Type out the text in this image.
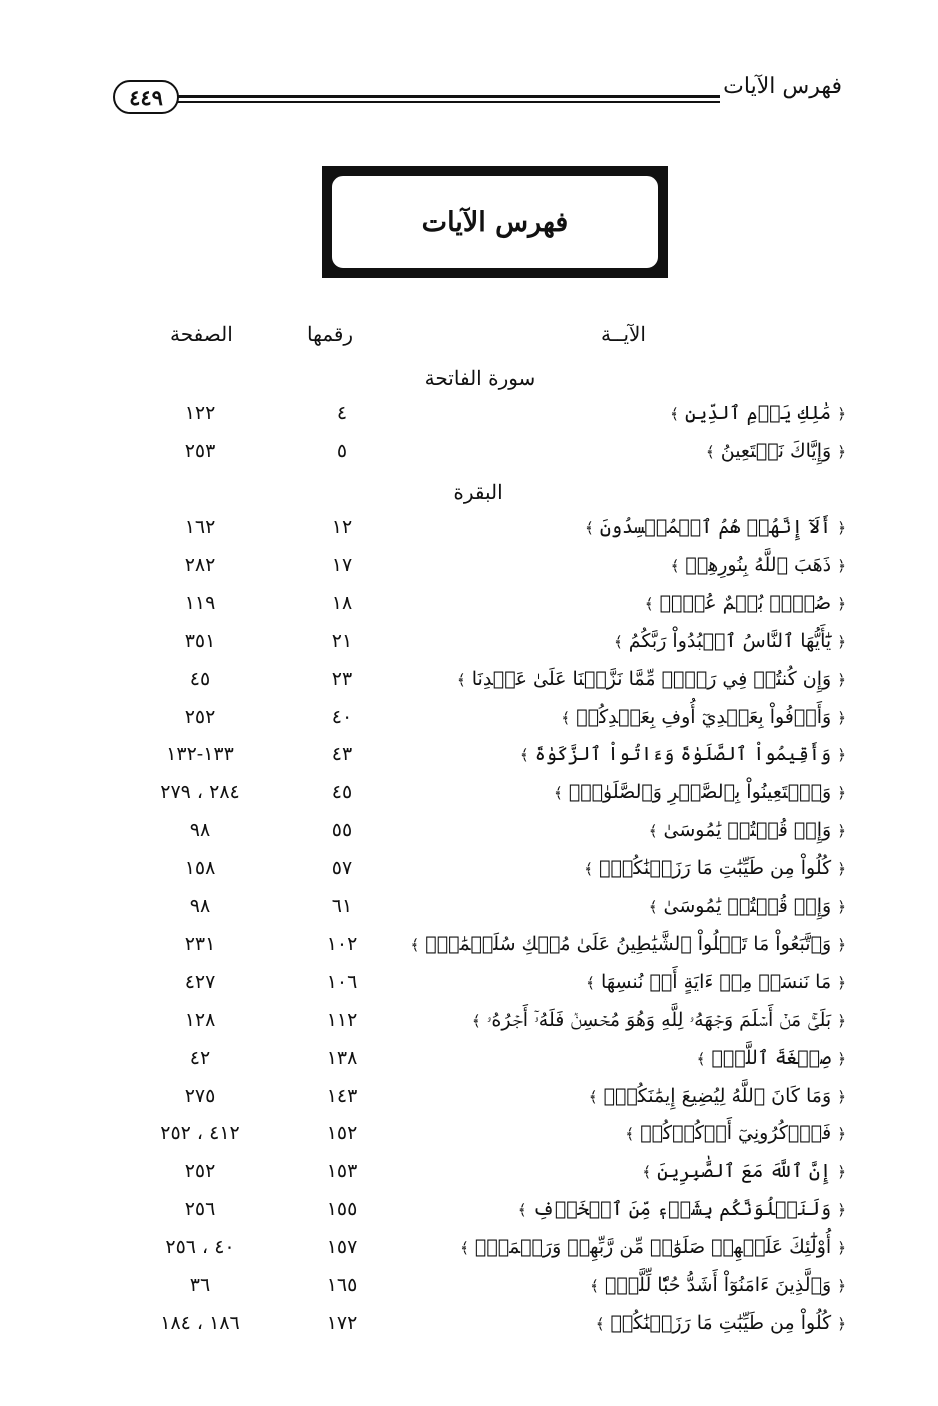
فهرس الآيات
٤٤٩
فهرس الآيات
الآيــة
رقمها
الصفحة
سورة الفاتحة
﴿ مَٰلِكِ يَوۡمِ ٱلدِّينِ ﴾
٤
١٢٢
﴿ وَإِيَّاكَ نَسۡتَعِينُ ﴾
٥
٢٥٣
البقرة
﴿ أَلَآ إِنَّهُمۡ هُمُ ٱلۡمُفۡسِدُونَ ﴾
١٢
١٦٢
﴿ ذَهَبَ ٱللَّهُ بِنُورِهِمۡ ﴾
١٧
٢٨٢
﴿ صُمُّۢ بُكۡمٌ عُمۡيٞ ﴾
١٨
١١٩
﴿ يَٰٓأَيُّهَا ٱلنَّاسُ ٱعۡبُدُواْ رَبَّكُمُ ﴾
٢١
٣٥١
﴿ وَإِن كُنتُمۡ فِي رَيۡبٖ مِّمَّا نَزَّلۡنَا عَلَىٰ عَبۡدِنَا ﴾
٢٣
٤٥
﴿ وَأَوۡفُواْ بِعَهۡدِيٓ أُوفِ بِعَهۡدِكُمۡ ﴾
٤٠
٢٥٢
﴿ وَأَقِيمُواْ ٱلصَّلَوٰةَ وَءَاتُواْ ٱلزَّكَوٰةَ ﴾
٤٣
١٣٣-١٣٢
﴿ وَٱسۡتَعِينُواْ بِٱلصَّبۡرِ وَٱلصَّلَوٰةِۚ ﴾
٤٥
٢٨٤ ، ٢٧٩
﴿ وَإِذۡ قُلۡتُمۡ يَٰمُوسَىٰ ﴾
٥٥
٩٨
﴿ كُلُواْ مِن طَيِّبَٰتِ مَا رَزَقۡنَٰكُمۡۖ ﴾
٥٧
١٥٨
﴿ وَإِذۡ قُلۡتُمۡ يَٰمُوسَىٰ ﴾
٦١
٩٨
﴿ وَٱتَّبَعُواْ مَا تَتۡلُواْ ٱلشَّيَٰطِينُ عَلَىٰ مُلۡكِ سُلَيۡمَٰنَۖ ﴾
١٠٢
٢٣١
﴿ مَا نَنسَخۡ مِنۡ ءَايَةٍ أَوۡ نُنسِهَا ﴾
١٠٦
٤٢٧
﴿ بَلَىٰۚ مَنۡ أَسۡلَمَ وَجۡهَهُۥ لِلَّهِ وَهُوَ مُحۡسِنٞ فَلَهُۥٓ أَجۡرُهُۥ ﴾
١١٢
١٢٨
﴿ صِبۡغَةَ ٱللَّهِۖ ﴾
١٣٨
٤٢
﴿ وَمَا كَانَ ٱللَّهُ لِيُضِيعَ إِيمَٰنَكُمۡۚ ﴾
١٤٣
٢٧٥
﴿ فَٱذۡكُرُونِيٓ أَذۡكُرۡكُمۡ ﴾
١٥٢
٤١٢ ، ٢٥٢
﴿ إِنَّ ٱللَّهَ مَعَ ٱلصَّٰبِرِينَ ﴾
١٥٣
٢٥٢
﴿ وَلَنَبۡلُوَنَّكُم بِشَيۡءٖ مِّنَ ٱلۡخَوۡفِ ﴾
١٥٥
٢٥٦
﴿ أُوْلَٰٓئِكَ عَلَيۡهِمۡ صَلَوَٰتٞ مِّن رَّبِّهِمۡ وَرَحۡمَةٞۖ ﴾
١٥٧
٤٠ ، ٢٥٦
﴿ وَٱلَّذِينَ ءَامَنُوٓاْ أَشَدُّ حُبّٗا لِّلَّهِۗ ﴾
١٦٥
٣٦
﴿ كُلُواْ مِن طَيِّبَٰتِ مَا رَزَقۡنَٰكُمۡ ﴾
١٧٢
١٨٦ ، ١٨٤
